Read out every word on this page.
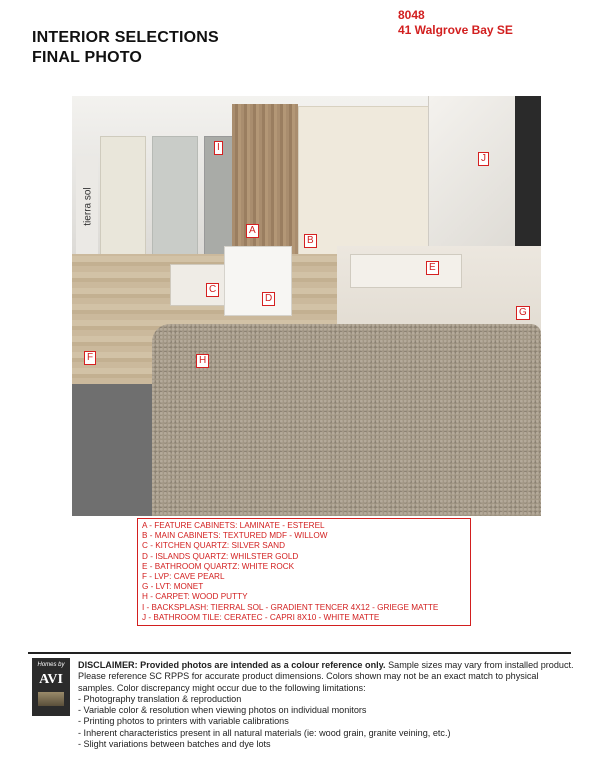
INTERIOR SELECTIONS
FINAL PHOTO
8048
41 Walgrove Bay SE
tierra sol
A
B
C
D
E
F
G
H
I
J
A - FEATURE CABINETS: LAMINATE - ESTEREL
B - MAIN CABINETS: TEXTURED MDF - WILLOW
C - KITCHEN QUARTZ: SILVER SAND
D - ISLANDS QUARTZ: WHILSTER GOLD
E - BATHROOM QUARTZ: WHITE ROCK
F - LVP: CAVE PEARL
G - LVT: MONET
H - CARPET: WOOD PUTTY
I - BACKSPLASH: TIERRAL SOL - GRADIENT TENCER 4X12 - GRIEGE MATTE
J - BATHROOM TILE: CERATEC - CAPRI 8X10 - WHITE MATTE
Homes by
AVI
DISCLAIMER: Provided photos are intended as a colour reference only. Sample sizes may vary from installed product. Please reference SC RPPS for accurate product dimensions. Colors shown may not be an exact match to physical samples. Color discrepancy might occur due to the following limitations:
- Photography translation & reproduction
- Variable color & resolution when viewing photos on individual monitors
- Printing photos to printers with variable calibrations
- Inherent characteristics present in all natural materials (ie: wood grain, granite veining, etc.)
- Slight variations between batches and dye lots
